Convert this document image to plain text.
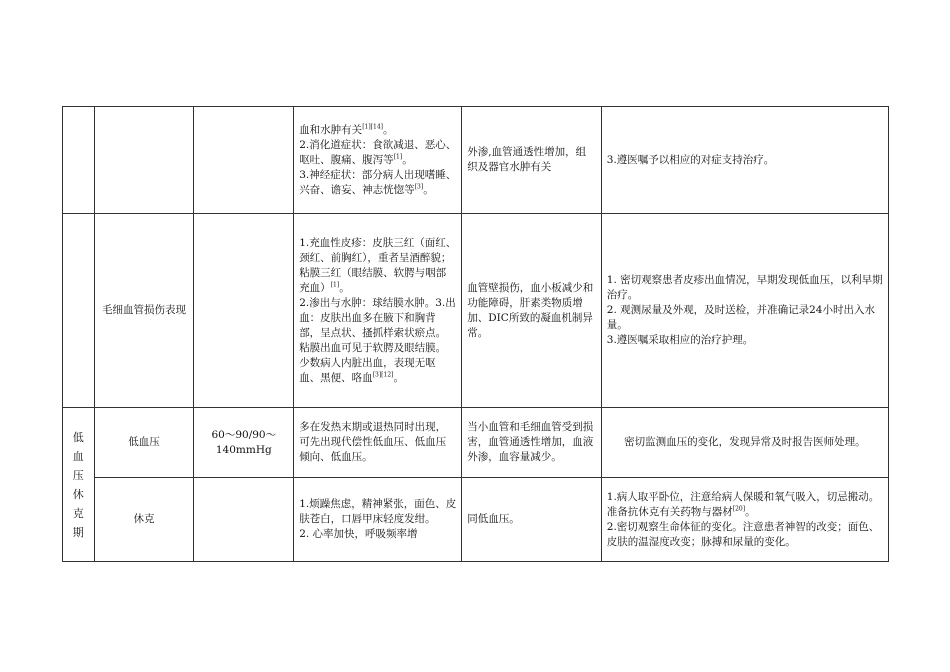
			血和水肿有关[1][14]。
2.消化道症状：食欲减退、恶心、呕吐、腹痛、腹泻等[1]。
3.神经症状：部分病人出现嗜睡、兴奋、谵妄、神志恍惚等[3]。	外渗,血管通透性增加，组织及器官水肿有关	3.遵医嘱予以相应的对症支持治疗。

	毛细血管损伤表现		1.充血性皮疹：皮肤三红（面红、颈红、前胸红），重者呈酒醉貌；粘膜三红（眼结膜、软腭与咽部充血）[1]。
2.渗出与水肿：球结膜水肿。3.出血：皮肤出血多在腋下和胸背部，呈点状、搔抓样索状瘀点。粘膜出血可见于软腭及眼结膜。少数病人内脏出血，表现无呕血、黑便、咯血[3][12]。	血管壁损伤，血小板减少和功能障碍，肝素类物质增加、DIC所致的凝血机制异常。	1. 密切观察患者皮疹出血情况，早期发现低血压，以利早期治疗。
2. 观测尿量及外观，及时送检，并准确记录24小时出入水量。
3.遵医嘱采取相应的治疗护理。

低血压休克期	低血压	60～90/90～140mmHg	多在发热末期或退热同时出现，可先出现代偿性低血压、低血压倾向、低血压。	当小血管和毛细血管受到损害，血管通透性增加，血液外渗，血容量减少。	密切监测血压的变化，发现异常及时报告医师处理。

	休克		1.烦躁焦虑，精神紧张，面色、皮肤苍白，口唇甲床轻度发绀。
2. 心率加快，呼吸频率增	同低血压。	1.病人取平卧位，注意给病人保暖和氧气吸入，切忌搬动。准备抗休克有关药物与器材[20]。
2.密切观察生命体征的变化。注意患者神智的改变；面色、皮肤的温湿度改变；脉搏和尿量的变化。
